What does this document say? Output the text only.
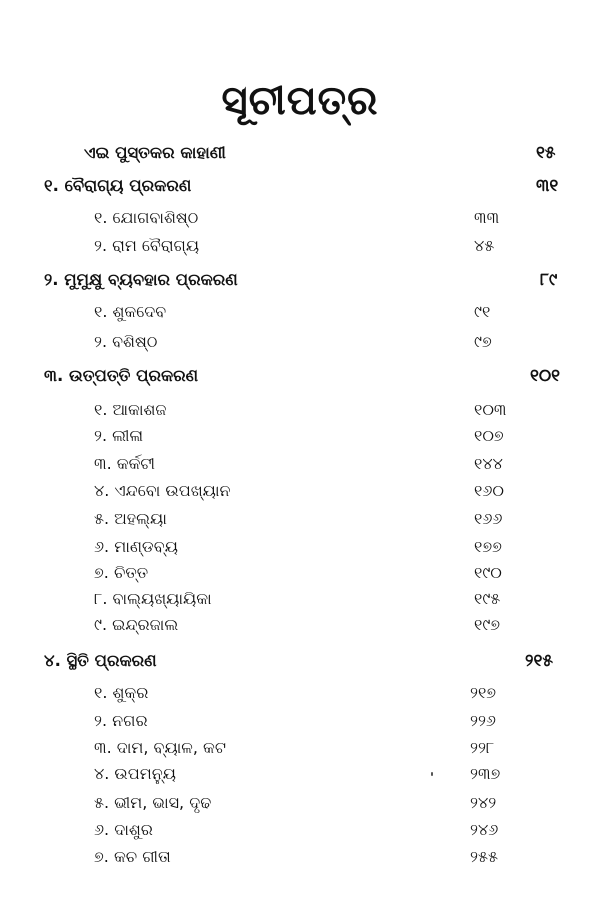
ସୂଚୀପତ୍ର
ଏଇ ପୁସ୍ତକର କାହାଣୀ	୧୫
୧. ବୈରାଗ୍ୟ ପ୍ରକରଣ	୩୧
୧. ଯୋଗବାଶିଷ୍ଠ	୩୩
୨. ରାମ ବୈରାଗ୍ୟ	୪୫
୨. ମୁମୁକ୍ଷୁ ବ୍ୟବହାର ପ୍ରକରଣ	୮୯
୧. ଶୁକଦେବ	୯୧
୨. ବଶିଷ୍ଠ	୯୭
୩. ଉତ୍ପତ୍ତି ପ୍ରକରଣ	୧୦୧
୧. ଆକାଶଜ	୧୦୩
୨. ଲୀଳା	୧୦୭
୩. କର୍କଟୀ	୧୪୪
୪. ଏନ୍ଦବୋ ଉପଖ୍ୟାନ	୧୬୦
୫. ଅହଲ୍ୟା	୧୬୬
୬. ମାଣ୍ଡବ୍ୟ	୧୭୭
୭. ଚିତ୍ତ	୧୯୦
୮. ବାଲ୍ୟଖ୍ୟାୟିକା	୧୯୫
୯. ଇନ୍ଦ୍ରଜାଲ	୧୯୭
୪. ସ୍ଥିତି ପ୍ରକରଣ	୨୧୫
୧. ଶୁକ୍ର	୨୧୭
୨. ନଗର	୨୨୬
୩. ଦାମ, ବ୍ୟାଳ, କଟ	୨୨୮
୪. ଉପମନ୍ୟୁ	୨୩୭
୫. ଭୀମ, ଭାସ, ଦୃଢ	୨୪୨
୬. ଦାଶୁର	୨୪୬
୭. କଚ ଗୀତା	୨୫୫
